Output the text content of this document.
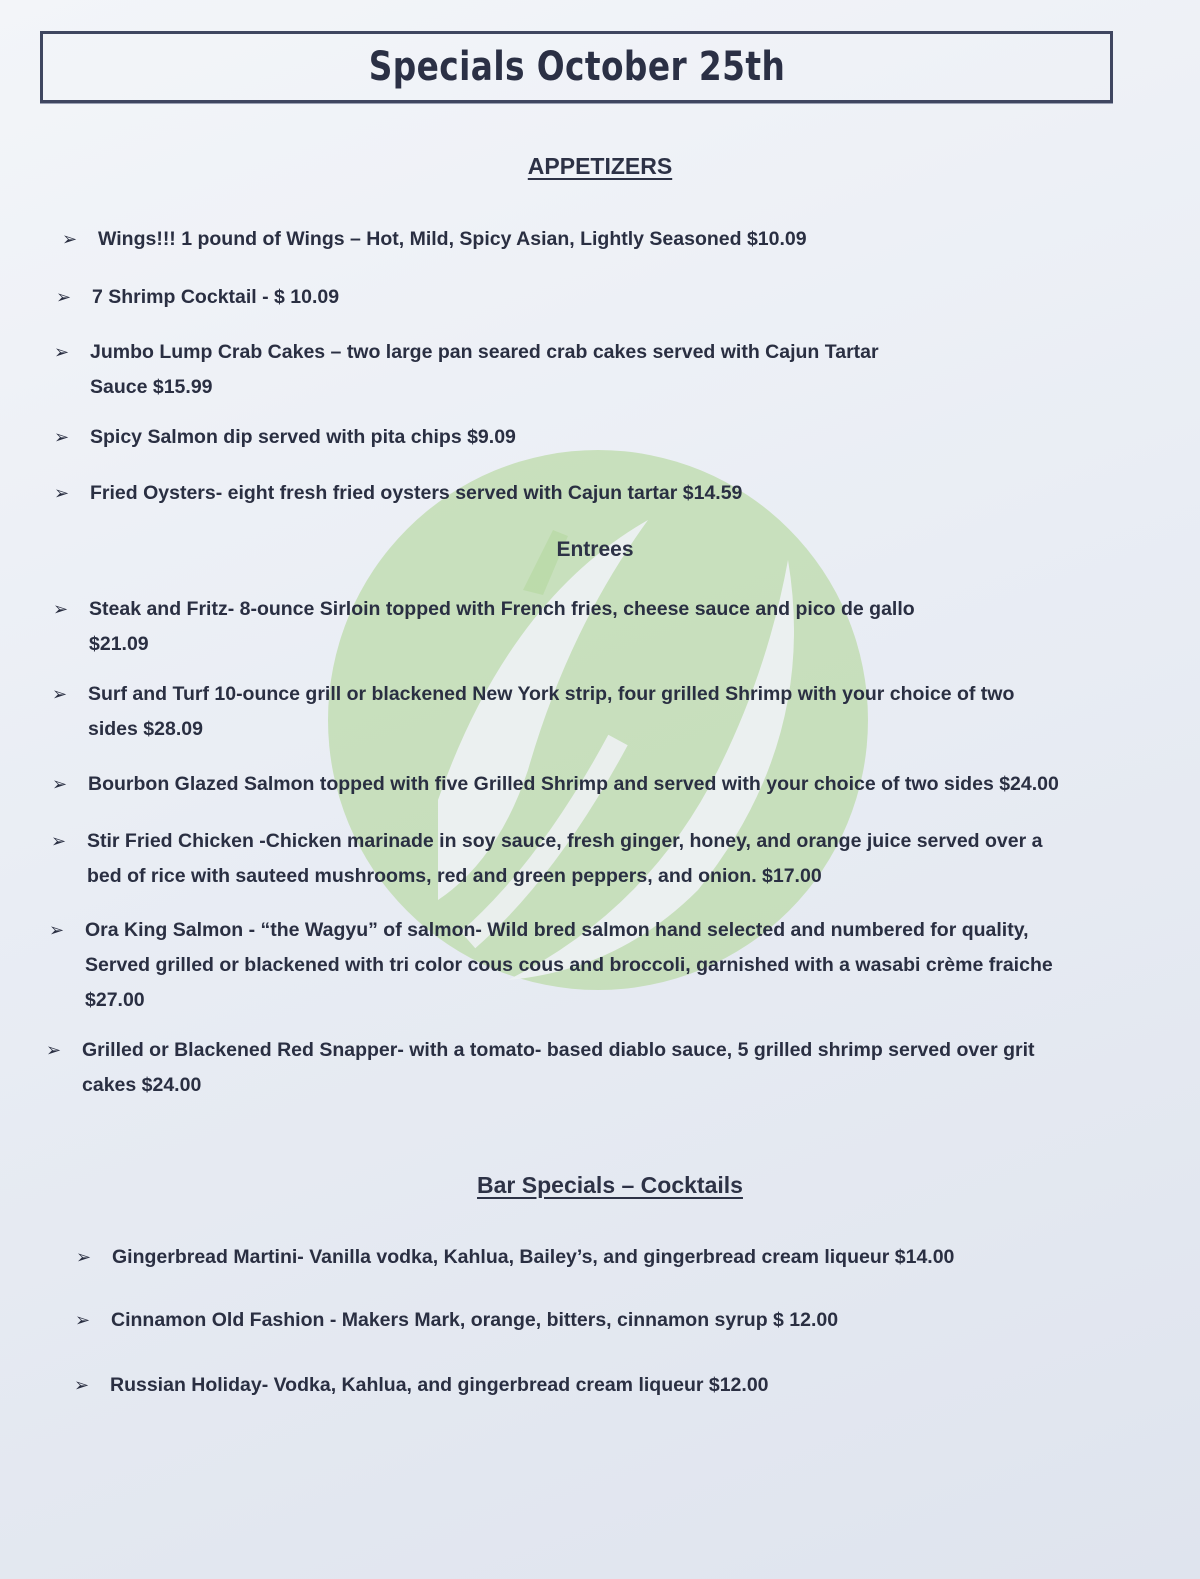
Specials October 25th
APPETIZERS
➢ Wings!!! 1 pound of Wings – Hot, Mild, Spicy Asian, Lightly Seasoned $10.09
➢ 7 Shrimp Cocktail - $ 10.09
➢ Jumbo Lump Crab Cakes – two large pan seared crab cakes served with Cajun Tartar
Sauce $15.99
➢ Spicy Salmon dip served with pita chips $9.09
➢ Fried Oysters- eight fresh fried oysters served with Cajun tartar $14.59
Entrees
➢ Steak and Fritz- 8-ounce Sirloin topped with French fries, cheese sauce and pico de gallo
$21.09
➢ Surf and Turf 10-ounce grill or blackened New York strip, four grilled Shrimp with your choice of two
sides $28.09
➢ Bourbon Glazed Salmon topped with five Grilled Shrimp and served with your choice of two sides $24.00
➢ Stir Fried Chicken -Chicken marinade in soy sauce, fresh ginger, honey, and orange juice served over a
bed of rice with sauteed mushrooms, red and green peppers, and onion. $17.00
➢ Ora King Salmon - “the Wagyu” of salmon- Wild bred salmon hand selected and numbered for quality,
Served grilled or blackened with tri color cous cous and broccoli, garnished with a wasabi crème fraiche
$27.00
➢ Grilled or Blackened Red Snapper- with a tomato- based diablo sauce, 5 grilled shrimp served over grit
cakes $24.00
Bar Specials – Cocktails
➢ Gingerbread Martini- Vanilla vodka, Kahlua, Bailey’s, and gingerbread cream liqueur $14.00
➢ Cinnamon Old Fashion - Makers Mark, orange, bitters, cinnamon syrup $ 12.00
➢ Russian Holiday- Vodka, Kahlua, and gingerbread cream liqueur $12.00
